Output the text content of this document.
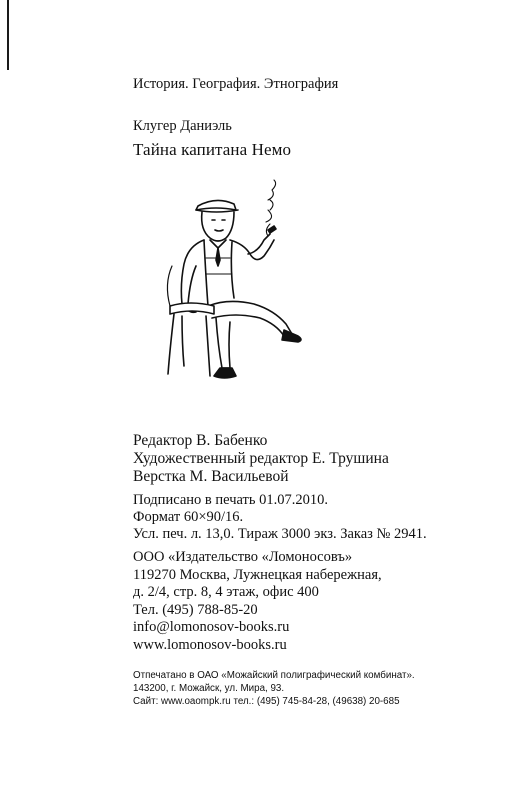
История. География. Этнография
Клугер Даниэль
Тайна капитана Немо
Редактор В. Бабенко
Художественный редактор Е. Трушина
Верстка М. Васильевой
Подписано в печать 01.07.2010.
Формат 60×90/16.
Усл. печ. л. 13,0. Тираж 3000 экз. Заказ № 2941.
ООО «Издательство «Ломоносовъ»
119270 Москва, Лужнецкая набережная,
д. 2/4, стр. 8, 4 этаж, офис 400
Тел. (495) 788-85-20
info@lomonosov-books.ru
www.lomonosov-books.ru
Отпечатано в ОАО «Можайский полиграфический комбинат».
143200, г. Можайск, ул. Мира, 93.
Сайт: www.oaompk.ru тел.: (495) 745-84-28, (49638) 20-685
